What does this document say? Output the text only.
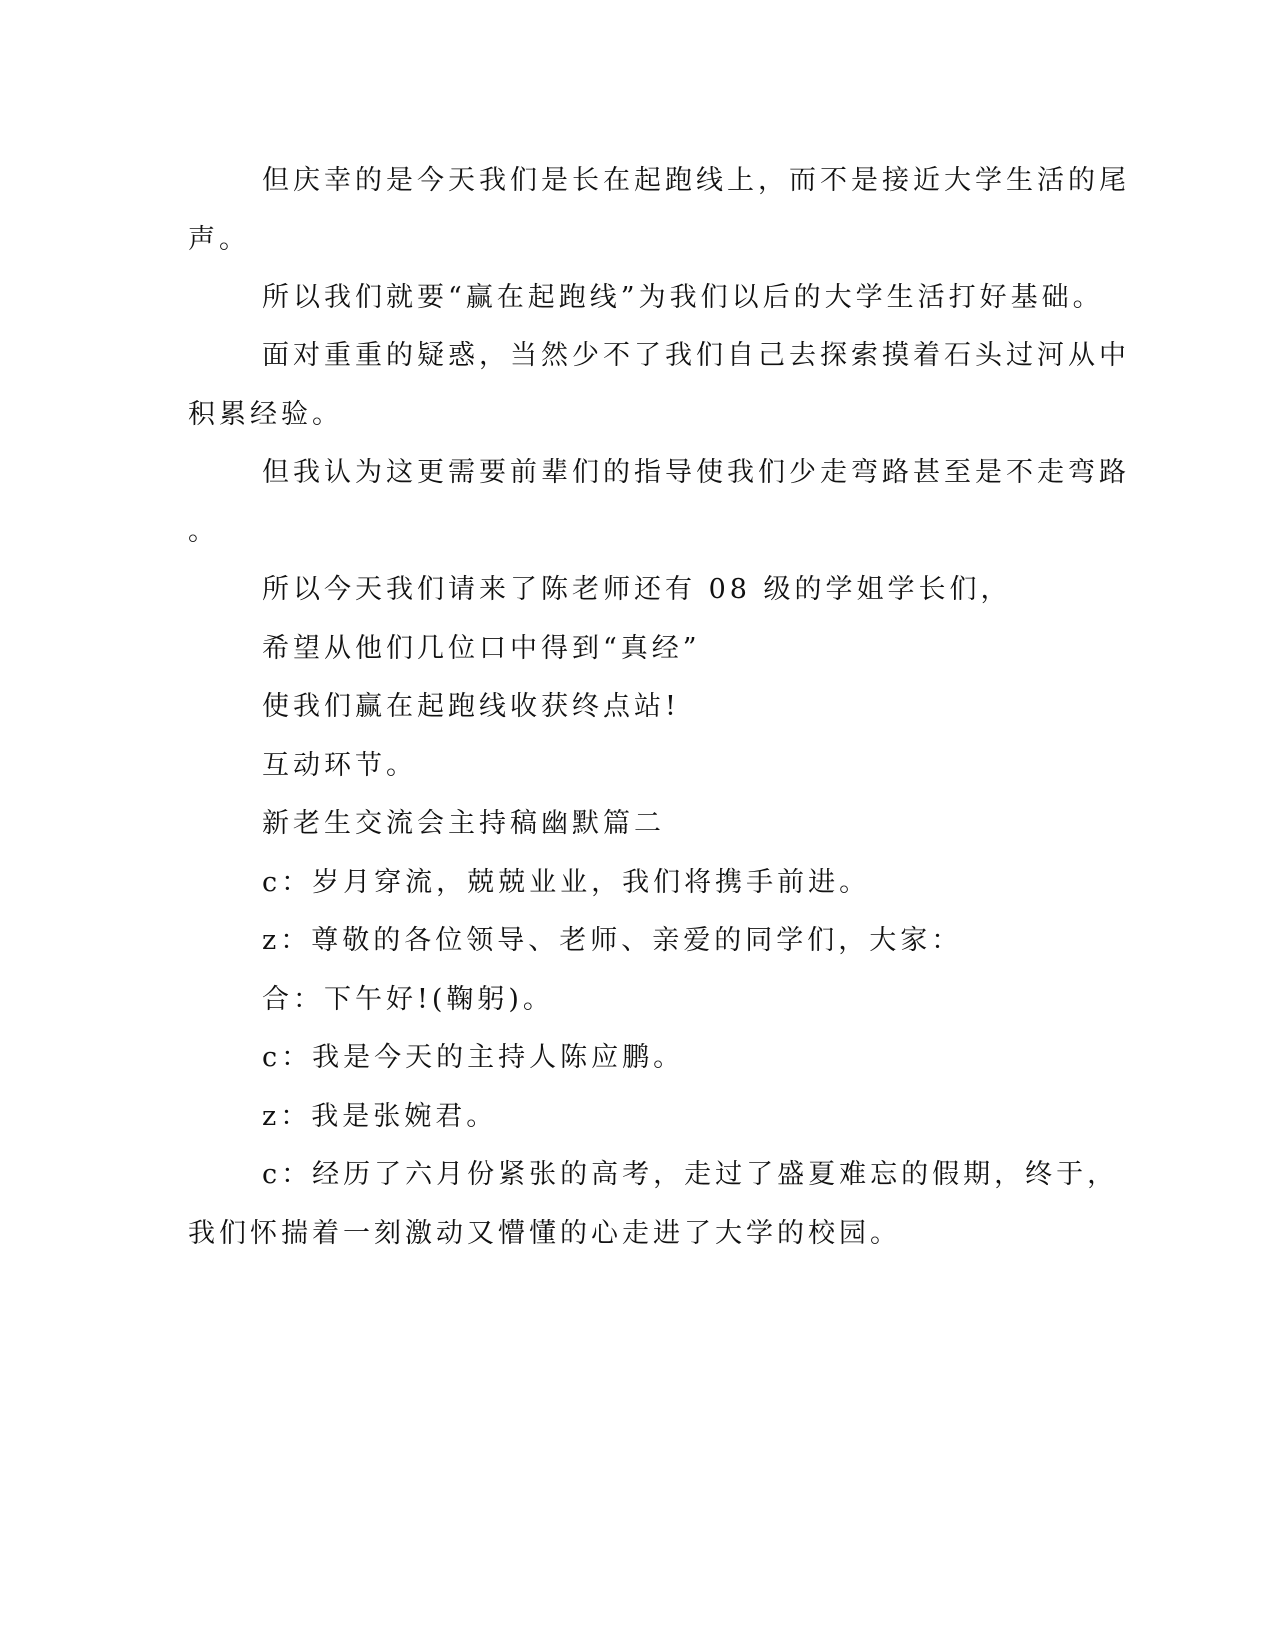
但庆幸的是今天我们是长在起跑线上，而不是接近大学生活的尾
声。
所以我们就要“赢在起跑线”为我们以后的大学生活打好基础。
面对重重的疑惑，当然少不了我们自己去探索摸着石头过河从中
积累经验。
但我认为这更需要前辈们的指导使我们少走弯路甚至是不走弯路
。
所以今天我们请来了陈老师还有 08 级的学姐学长们，
希望从他们几位口中得到“真经”
使我们赢在起跑线收获终点站!
互动环节。
新老生交流会主持稿幽默篇二
c：岁月穿流，兢兢业业，我们将携手前进。
z：尊敬的各位领导、老师、亲爱的同学们，大家：
合：下午好!(鞠躬)。
c：我是今天的主持人陈应鹏。
z：我是张婉君。
c：经历了六月份紧张的高考，走过了盛夏难忘的假期，终于，
我们怀揣着一刻激动又懵懂的心走进了大学的校园。
